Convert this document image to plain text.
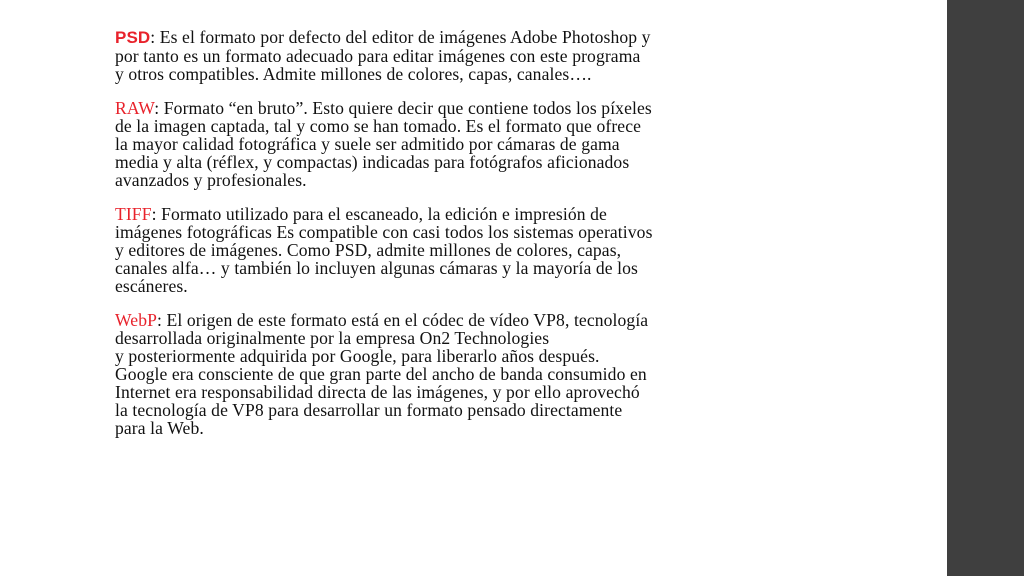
PSD: Es el formato por defecto del editor de imágenes Adobe Photoshop y
por tanto es un formato adecuado para editar imágenes con este programa
y otros compatibles. Admite millones de colores, capas, canales….
RAW: Formato “en bruto”. Esto quiere decir que contiene todos los píxeles
de la imagen captada, tal y como se han tomado. Es el formato que ofrece
la mayor calidad fotográfica y suele ser admitido por cámaras de gama
media y alta (réflex, y compactas) indicadas para fotógrafos aficionados
avanzados y profesionales.
TIFF: Formato utilizado para el escaneado, la edición e impresión de
imágenes fotográficas Es compatible con casi todos los sistemas operativos
y editores de imágenes. Como PSD, admite millones de colores, capas,
canales alfa… y también lo incluyen algunas cámaras y la mayoría de los
escáneres.
WebP: El origen de este formato está en el códec de vídeo VP8, tecnología
desarrollada originalmente por la empresa On2 Technologies
y posteriormente adquirida por Google, para liberarlo años después.
Google era consciente de que gran parte del ancho de banda consumido en
Internet era responsabilidad directa de las imágenes, y por ello aprovechó
la tecnología de VP8 para desarrollar un formato pensado directamente
para la Web.
